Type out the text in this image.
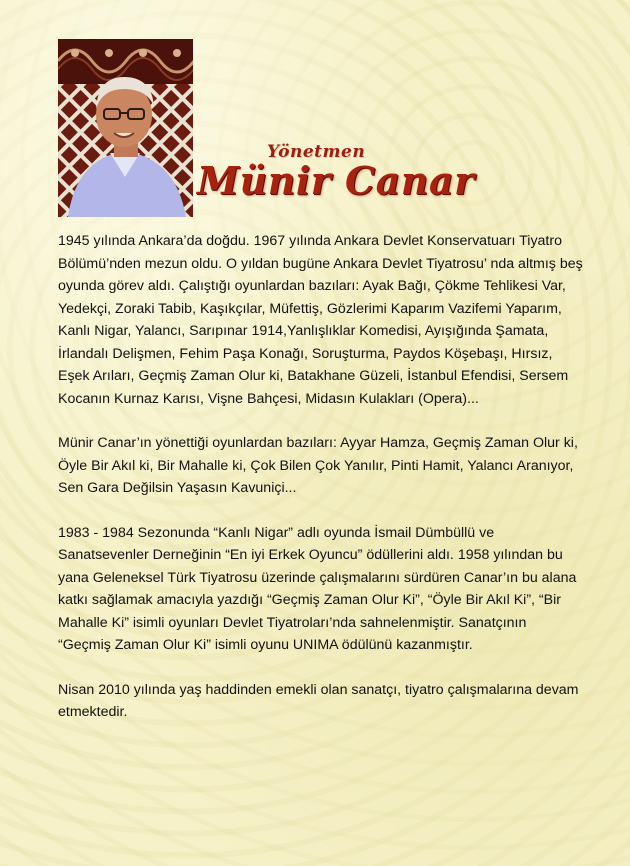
Yönetmen
Münir Canar

1945 yılında Ankara’da doğdu. 1967 yılında Ankara Devlet Konservatuarı Tiyatro Bölümü’nden mezun oldu. O yıldan bugüne Ankara Devlet Tiyatrosu’ nda altmış beş oyunda görev aldı. Çalıştığı oyunlardan bazıları: Ayak Bağı, Çökme Tehlikesi Var, Yedekçi, Zoraki Tabib, Kaşıkçılar, Müfettiş, Gözlerimi Kaparım Vazifemi Yaparım, Kanlı Nigar, Yalancı, Sarıpınar 1914,Yanlışlıklar Komedisi, Ayışığında Şamata, İrlandalı Delişmen, Fehim Paşa Konağı, Soruşturma, Paydos Köşebaşı, Hırsız, Eşek Arıları, Geçmiş Zaman Olur ki, Batakhane Güzeli, İstanbul Efendisi, Sersem Kocanın Kurnaz Karısı, Vişne Bahçesi, Midasın Kulakları (Opera)...

Münir Canar’ın yönettiği oyunlardan bazıları: Ayyar Hamza, Geçmiş Zaman Olur ki, Öyle Bir Akıl ki, Bir Mahalle ki, Çok Bilen Çok Yanılır, Pinti Hamit, Yalancı Aranıyor, Sen Gara Değilsin Yaşasın Kavuniçi...

1983 - 1984 Sezonunda “Kanlı Nigar” adlı oyunda İsmail Dümbüllü ve Sanatsevenler Derneğinin “En iyi Erkek Oyuncu” ödüllerini aldı. 1958 yılından bu yana Geleneksel Türk Tiyatrosu üzerinde çalışmalarını sürdüren Canar’ın bu alana katkı sağlamak amacıyla yazdığı “Geçmiş Zaman Olur Ki”, “Öyle Bir Akıl Ki”, “Bir Mahalle Ki” isimli oyunları Devlet Tiyatroları’nda sahnelenmiştir. Sanatçının “Geçmiş Zaman Olur Ki” isimli oyunu UNIMA ödülünü kazanmıştır.

Nisan 2010 yılında yaş haddinden emekli olan sanatçı, tiyatro çalışmalarına devam etmektedir.
